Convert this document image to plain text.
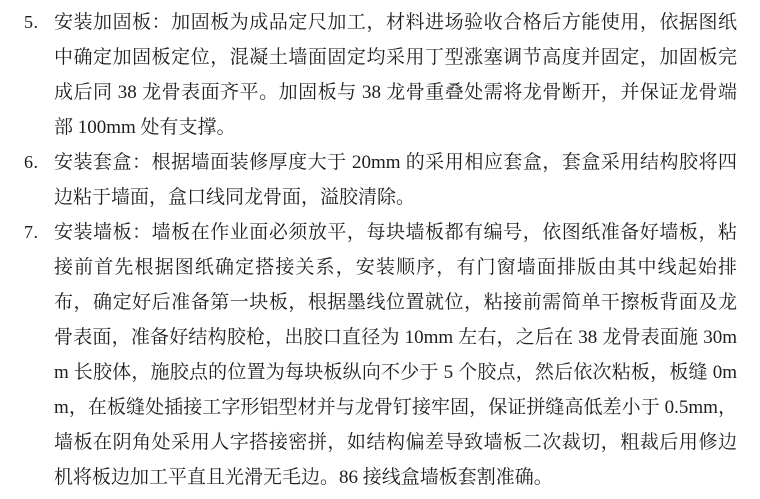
5. 安装加固板：加固板为成品定尺加工，材料进场验收合格后方能使用，依据图纸中确定加固板定位，混凝土墙面固定均采用丁型涨塞调节高度并固定，加固板完成后同 38 龙骨表面齐平。加固板与 38 龙骨重叠处需将龙骨断开，并保证龙骨端部 100mm 处有支撑。

6. 安装套盒：根据墙面装修厚度大于 20mm 的采用相应套盒，套盒采用结构胶将四边粘于墙面，盒口线同龙骨面，溢胶清除。

7. 安装墙板：墙板在作业面必须放平，每块墙板都有编号，依图纸准备好墙板，粘接前首先根据图纸确定搭接关系，安装顺序，有门窗墙面排版由其中线起始排布，确定好后准备第一块板，根据墨线位置就位，粘接前需简单干擦板背面及龙骨表面，准备好结构胶枪，出胶口直径为 10mm 左右，之后在 38 龙骨表面施 30mm 长胶体，施胶点的位置为每块板纵向不少于 5 个胶点，然后依次粘板，板缝 0mm，在板缝处插接工字形铝型材并与龙骨钉接牢固，保证拼缝高低差小于 0.5mm，墙板在阴角处采用人字搭接密拼，如结构偏差导致墙板二次裁切，粗裁后用修边机将板边加工平直且光滑无毛边。86 接线盒墙板套割准确。
